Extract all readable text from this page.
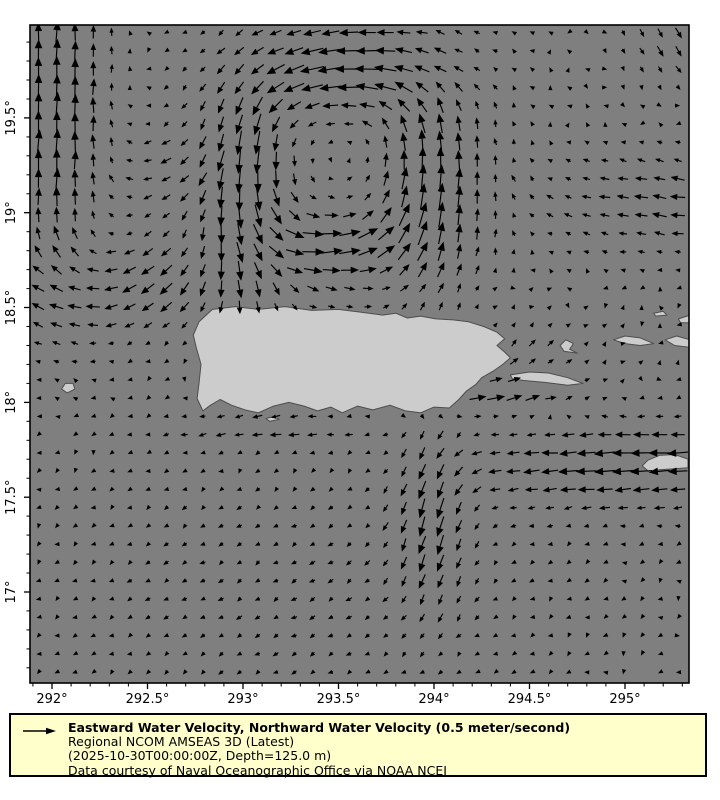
292°	292.5°	293°	293.5°	294°	294.5°	295°
19.5°
19°
18.5°
18°
17.5°
17°
Eastward Water Velocity, Northward Water Velocity (0.5 meter/second)
Regional NCOM AMSEAS 3D (Latest)
(2025-10-30T00:00:00Z, Depth=125.0 m)
Data courtesy of Naval Oceanographic Office via NOAA NCEI
